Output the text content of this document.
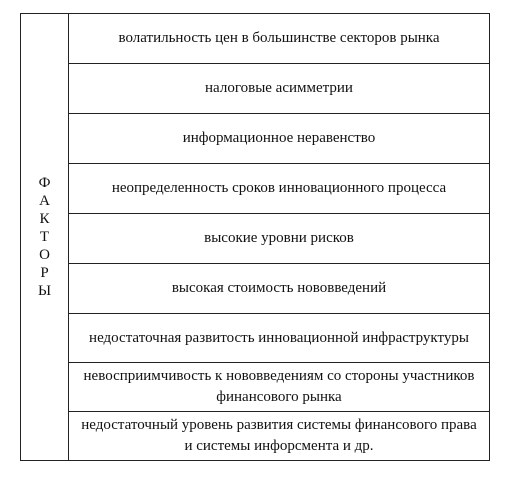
Ф
А
К
Т
О
Р
Ы
волатильность цен в большинстве секторов рынка
налоговые асимметрии
информационное неравенство
неопределенность сроков инновационного процесса
высокие уровни рисков
высокая стоимость нововведений
недостаточная развитость инновационной инфраструктуры
невосприимчивость к нововведениям со стороны участников финансового рынка
недостаточный уровень развития системы финансового права и системы инфорсмента и др.
